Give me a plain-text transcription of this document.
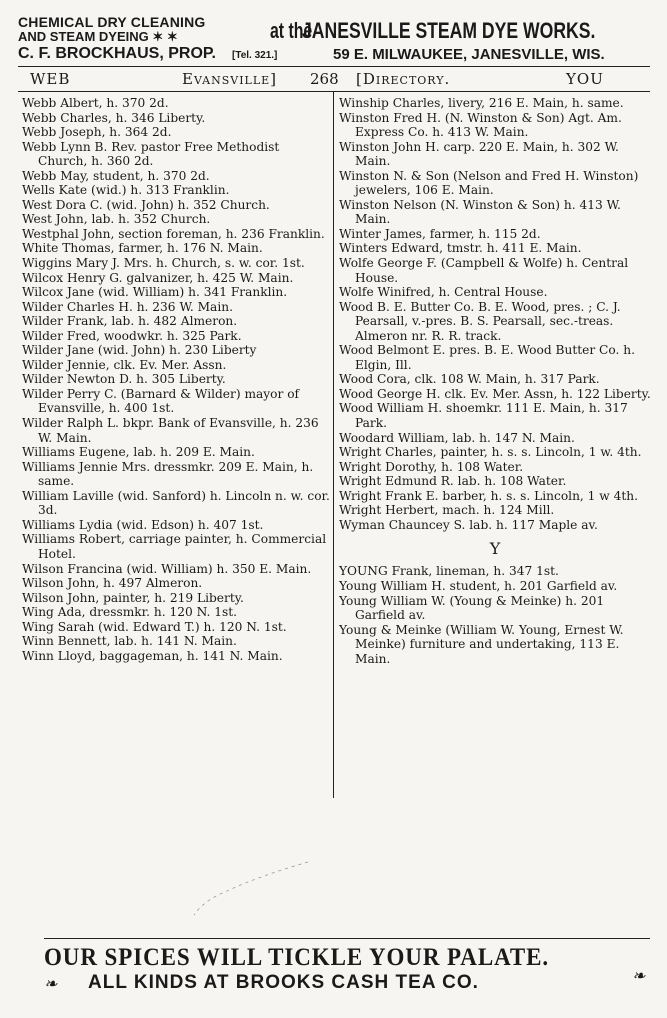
CHEMICAL DRY CLEANING
AND STEAM DYEING ✶ ✶
C. F. BROCKHAUS, PROP. [Tel. 321.]
at the
JANESVILLE STEAM DYE WORKS.
59 E. MILWAUKEE, JANESVILLE, WIS.
WEB	Evansville] 268 [Directory.	YOU

Webb Albert, h. 370 2d.

Webb Charles, h. 346 Liberty.

Webb Joseph, h. 364 2d.

Webb Lynn B. Rev. pastor Free Methodist Church, h. 360 2d.

Webb May, student, h. 370 2d.

Wells Kate (wid.) h. 313 Franklin.

West Dora C. (wid. John) h. 352 Church.

West John, lab. h. 352 Church.

Westphal John, section foreman, h. 236 Franklin.

White Thomas, farmer, h. 176 N. Main.

Wiggins Mary J. Mrs. h. Church, s. w. cor. 1st.

Wilcox Henry G. galvanizer, h. 425 W. Main.

Wilcox Jane (wid. William) h. 341 Franklin.

Wilder Charles H. h. 236 W. Main.

Wilder Frank, lab. h. 482 Almeron.

Wilder Fred, woodwkr. h. 325 Park.

Wilder Jane (wid. John) h. 230 Liberty

Wilder Jennie, clk. Ev. Mer. Assn.

Wilder Newton D. h. 305 Liberty.

Wilder Perry C. (Barnard & Wilder) mayor of Evansville, h. 400 1st.

Wilder Ralph L. bkpr. Bank of Evansville, h. 236 W. Main.

Williams Eugene, lab. h. 209 E. Main.

Williams Jennie Mrs. dressmkr. 209 E. Main, h. same.

William Laville (wid. Sanford) h. Lincoln n. w. cor. 3d.

Williams Lydia (wid. Edson) h. 407 1st.

Williams Robert, carriage painter, h. Commercial Hotel.

Wilson Francina (wid. William) h. 350 E. Main.

Wilson John, h. 497 Almeron.

Wilson John, painter, h. 219 Liberty.

Wing Ada, dressmkr. h. 120 N. 1st.

Wing Sarah (wid. Edward T.) h. 120 N. 1st.

Winn Bennett, lab. h. 141 N. Main.

Winn Lloyd, baggageman, h. 141 N. Main.

Winship Charles, livery, 216 E. Main, h. same.

Winston Fred H. (N. Winston & Son) Agt. Am. Express Co. h. 413 W. Main.

Winston John H. carp. 220 E. Main, h. 302 W. Main.

Winston N. & Son (Nelson and Fred H. Winston) jewelers, 106 E. Main.

Winston Nelson (N. Winston & Son) h. 413 W. Main.

Winter James, farmer, h. 115 2d.

Winters Edward, tmstr. h. 411 E. Main.

Wolfe George F. (Campbell & Wolfe) h. Central House.

Wolfe Winifred, h. Central House.

Wood B. E. Butter Co. B. E. Wood, pres. ; C. J. Pearsall, v.-pres. B. S. Pearsall, sec.-treas. Almeron nr. R. R. track.

Wood Belmont E. pres. B. E. Wood Butter Co. h. Elgin, Ill.

Wood Cora, clk. 108 W. Main, h. 317 Park.

Wood George H. clk. Ev. Mer. Assn, h. 122 Liberty.

Wood William H. shoemkr. 111 E. Main, h. 317 Park.

Woodard William, lab. h. 147 N. Main.

Wright Charles, painter, h. s. s. Lincoln, 1 w. 4th.

Wright Dorothy, h. 108 Water.

Wright Edmund R. lab. h. 108 Water.

Wright Frank E. barber, h. s. s. Lincoln, 1 w 4th.

Wright Herbert, mach. h. 124 Mill.

Wyman Chauncey S. lab. h. 117 Maple av.

Y

YOUNG Frank, lineman, h. 347 1st.

Young William H. student, h. 201 Garfield av.

Young William W. (Young & Meinke) h. 201 Garfield av.

Young & Meinke (William W. Young, Ernest W. Meinke) furniture and undertaking, 113 E. Main.

OUR SPICES WILL TICKLE YOUR PALATE.
❧ ALL KINDS AT BROOKS CASH TEA CO.	❧
